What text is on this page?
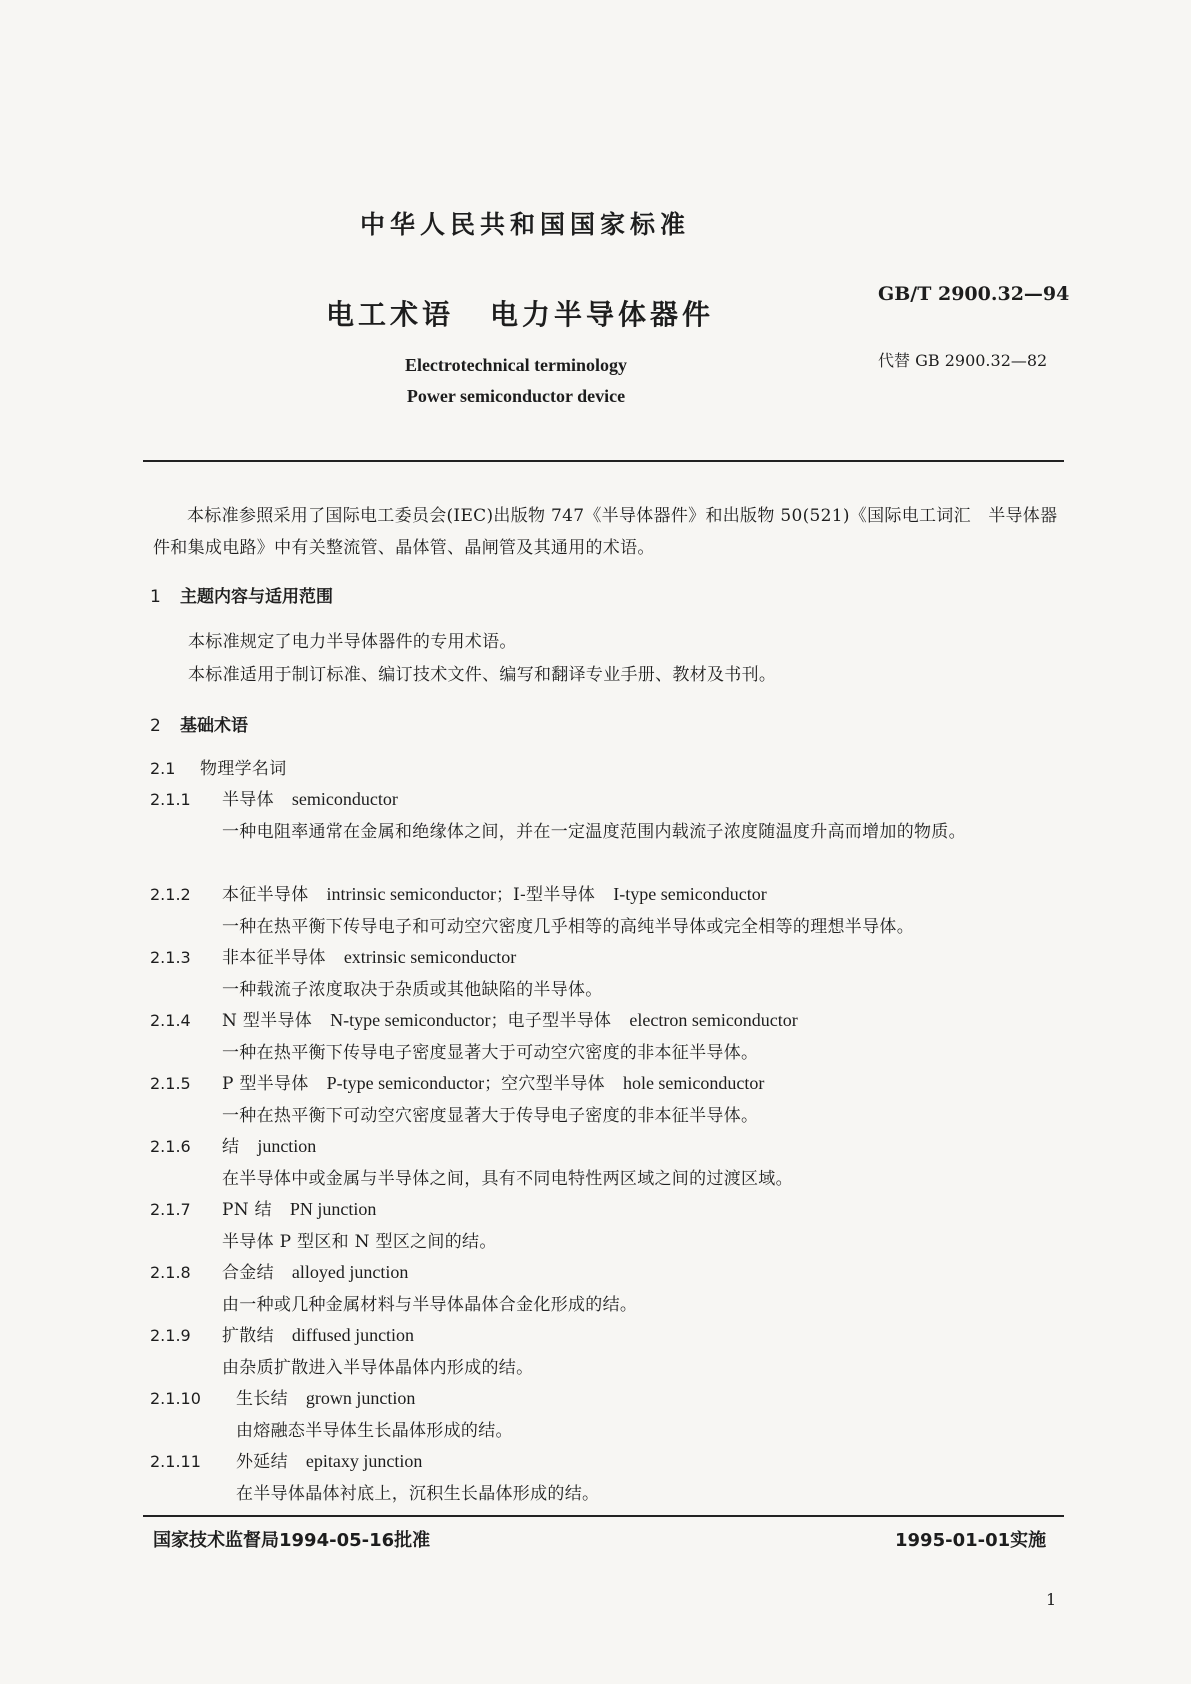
中华人民共和国国家标准
电工术语 电力半导体器件
GB/T 2900.32—94
代替 GB 2900.32—82
Electrotechnical terminology
Power semiconductor device
本标准参照采用了国际电工委员会(IEC)出版物 747《半导体器件》和出版物 50(521)《国际电工词汇　半导体器件和集成电路》中有关整流管、晶体管、晶闸管及其通用的术语。
1 主题内容与适用范围
本标准规定了电力半导体器件的专用术语。
本标准适用于制订标准、编订技术文件、编写和翻译专业手册、教材及书刊。
2 基础术语
2.1 物理学名词
2.1.1 半导体 semiconductor
一种电阻率通常在金属和绝缘体之间，并在一定温度范围内载流子浓度随温度升高而增加的物质。
2.1.2 本征半导体 intrinsic semiconductor；I-型半导体 I-type semiconductor
一种在热平衡下传导电子和可动空穴密度几乎相等的高纯半导体或完全相等的理想半导体。
2.1.3 非本征半导体 extrinsic semiconductor
一种载流子浓度取决于杂质或其他缺陷的半导体。
2.1.4 N 型半导体 N-type semiconductor；电子型半导体 electron semiconductor
一种在热平衡下传导电子密度显著大于可动空穴密度的非本征半导体。
2.1.5 P 型半导体 P-type semiconductor；空穴型半导体 hole semiconductor
一种在热平衡下可动空穴密度显著大于传导电子密度的非本征半导体。
2.1.6 结 junction
在半导体中或金属与半导体之间，具有不同电特性两区域之间的过渡区域。
2.1.7 PN 结 PN junction
半导体 P 型区和 N 型区之间的结。
2.1.8 合金结 alloyed junction
由一种或几种金属材料与半导体晶体合金化形成的结。
2.1.9 扩散结 diffused junction
由杂质扩散进入半导体晶体内形成的结。
2.1.10 生长结 grown junction
由熔融态半导体生长晶体形成的结。
2.1.11 外延结 epitaxy junction
在半导体晶体衬底上，沉积生长晶体形成的结。
国家技术监督局1994-05-16批准	1995-01-01实施
1
